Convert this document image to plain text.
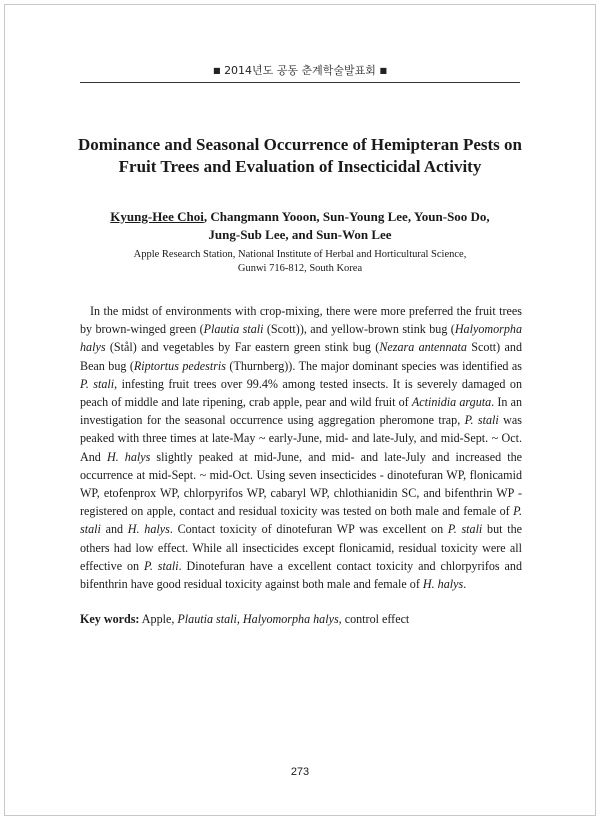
■ 2014년도 공동 춘계학술발표회 ■
Dominance and Seasonal Occurrence of Hemipteran Pests on
Fruit Trees and Evaluation of Insecticidal Activity
Kyung-Hee Choi, Changmann Yooon, Sun-Young Lee, Youn-Soo Do,
Jung-Sub Lee, and Sun-Won Lee
Apple Research Station, National Institute of Herbal and Horticultural Science,
Gunwi 716-812, South Korea

In the midst of environments with crop-mixing, there were more preferred the fruit trees by brown-winged green (Plautia stali (Scott)), and yellow-brown stink bug (Halyomorpha halys (Stål) and vegetables by Far eastern green stink bug (Nezara antennata Scott) and Bean bug (Riptortus pedestris (Thurnberg)). The major dominant species was identified as P. stali, infesting fruit trees over 99.4% among tested insects. It is severely damaged on peach of middle and late ripening, crab apple, pear and wild fruit of Actinidia arguta. In an investigation for the seasonal occurrence using aggregation pheromone trap, P. stali was peaked with three times at late-May ~ early-June, mid- and late-July, and mid-Sept. ~ Oct. And H. halys slightly peaked at mid-June, and mid- and late-July and increased the occurrence at mid-Sept. ~ mid-Oct. Using seven insecticides - dinotefuran WP, flonicamid WP, etofenprox WP, chlorpyrifos WP, cabaryl WP, chlothianidin SC, and bifenthrin WP - registered on apple, contact and residual toxicity was tested on both male and female of P. stali and H. halys. Contact toxicity of dinotefuran WP was excellent on P. stali but the others had low effect. While all insecticides except flonicamid, residual toxicity were all effective on P. stali. Dinotefuran have a excellent contact toxicity and chlorpyrifos and bifenthrin have good residual toxicity against both male and female of H. halys.

Key words: Apple, Plautia stali, Halyomorpha halys, control effect
273
